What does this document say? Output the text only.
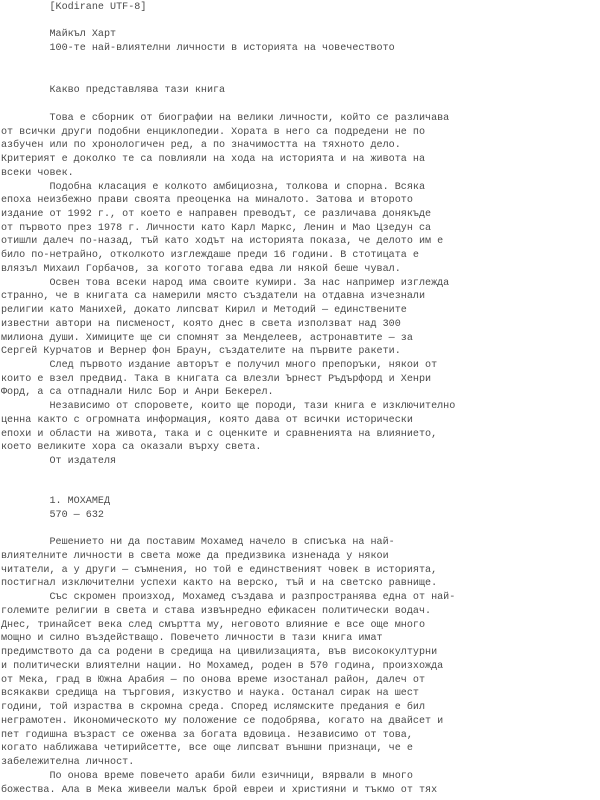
[Kodirane UTF-8]

Майкъл Харт

100-те най-влиятелни личности в историята на човечеството

Какво представлява тази книга

Това е сборник от биографии на велики личности, който се различава
от всички други подобни енциклопедии. Хората в него са подредени не по
азбучен или по хронологичен ред, а по значимостта на тяхното дело.
Критерият е доколко те са повлияли на хода на историята и на живота на
всеки човек.
Подобна класация е колкото амбициозна, толкова и спорна. Всяка
епоха неизбежно прави своята преоценка на миналото. Затова и второто
издание от 1992 г., от което е направен преводът, се различава донякъде
от първото през 1978 г. Личности като Карл Маркс, Ленин и Мао Цзедун са
отишли далеч по-назад, тъй като ходът на историята показа, че делото им е
било по-нетрайно, отколкото изглеждаше преди 16 години. В стотицата е
влязъл Михаил Горбачов, за когото тогава едва ли някой беше чувал.
Освен това всеки народ има своите кумири. За нас например изглежда
странно, че в книгата са намерили място създатели на отдавна изчезнали
религии като Манихей, докато липсват Кирил и Методий — единствените
известни автори на писменост, която днес в света използват над 300
милиона души. Химиците ще си спомнят за Менделеев, астронавтите — за
Сергей Курчатов и Вернер фон Браун, създателите на първите ракети.
След първото издание авторът е получил много препоръки, някои от
които е взел предвид. Така в книгата са влезли Ърнест Ръдърфорд и Хенри
Форд, а са отпаднали Нилс Бор и Анри Бекерел.
Независимо от споровете, които ще породи, тази книга е изключително
ценна както с огромната информация, която дава от всички исторически
епохи и области на живота, така и с оценките и сравненията на влиянието,
което великите хора са оказали върху света.
От издателя

1. МОХАМЕД

570 — 632

Решението ни да поставим Мохамед начело в списъка на най-
влиятелните личности в света може да предизвика изненада у някои
читатели, а у други — съмнения, но той е единственият човек в историята,
постигнал изключителни успехи както на верско, тъй и на светско равнище.
Със скромен произход, Мохамед създава и разпространява една от най-
големите религии в света и става извънредно ефикасен политически водач.
Днес, тринайсет века след смъртта му, неговото влияние е все още много
мощно и силно въздействащо. Повечето личности в тази книга имат
предимството да са родени в средища на цивилизацията, във висококултурни
и политически влиятелни нации. Но Мохамед, роден в 570 година, произхожда
от Мека, град в Южна Арабия — по онова време изостанал район, далеч от
всякакви средища на търговия, изкуство и наука. Останал сирак на шест
години, той израства в скромна среда. Според ислямските предания е бил
неграмотен. Икономическото му положение се подобрява, когато на двайсет и
пет годишна възраст се оженва за богата вдовица. Независимо от това,
когато наближава четирийсетте, все още липсват външни признаци, че е
забележителна личност.
По онова време повечето араби били езичници, вярвали в много
божества. Ала в Мека живеели малък брой евреи и християни и тъкмо от тях
